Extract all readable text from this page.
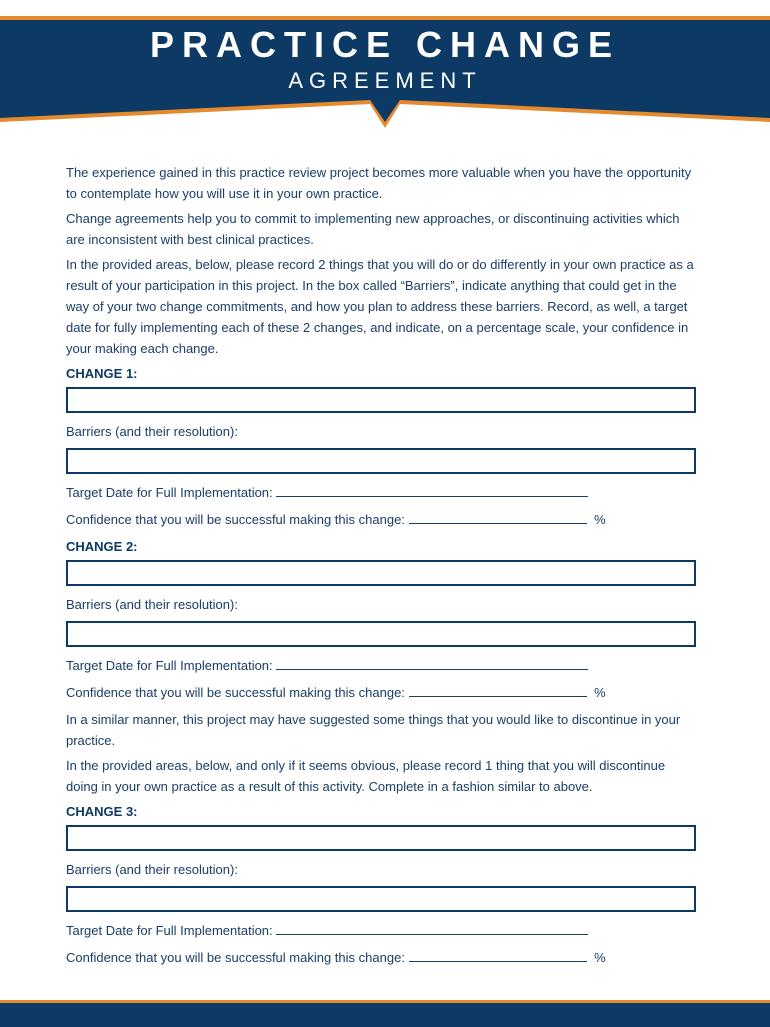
PRACTICE CHANGE
AGREEMENT

The experience gained in this practice review project becomes more valuable when you have the opportunity to contemplate how you will use it in your own practice.

Change agreements help you to commit to implementing new approaches, or discontinuing activities which are inconsistent with best clinical practices.

In the provided areas, below, please record 2 things that you will do or do differently in your own practice as a result of your participation in this project. In the box called “Barriers”, indicate anything that could get in the way of your two change commitments, and how you plan to address these barriers. Record, as well, a target date for fully implementing each of these 2 changes, and indicate, on a percentage scale, your confidence in your making each change.

CHANGE 1:
Barriers (and their resolution):
Target Date for Full Implementation:
Confidence that you will be successful making this change:	%
CHANGE 2:
Barriers (and their resolution):
Target Date for Full Implementation:
Confidence that you will be successful making this change:	%

In a similar manner, this project may have suggested some things that you would like to discontinue in your practice.

In the provided areas, below, and only if it seems obvious, please record 1 thing that you will discontinue doing in your own practice as a result of this activity. Complete in a fashion similar to above.

CHANGE 3:
Barriers (and their resolution):
Target Date for Full Implementation:
Confidence that you will be successful making this change:	%
